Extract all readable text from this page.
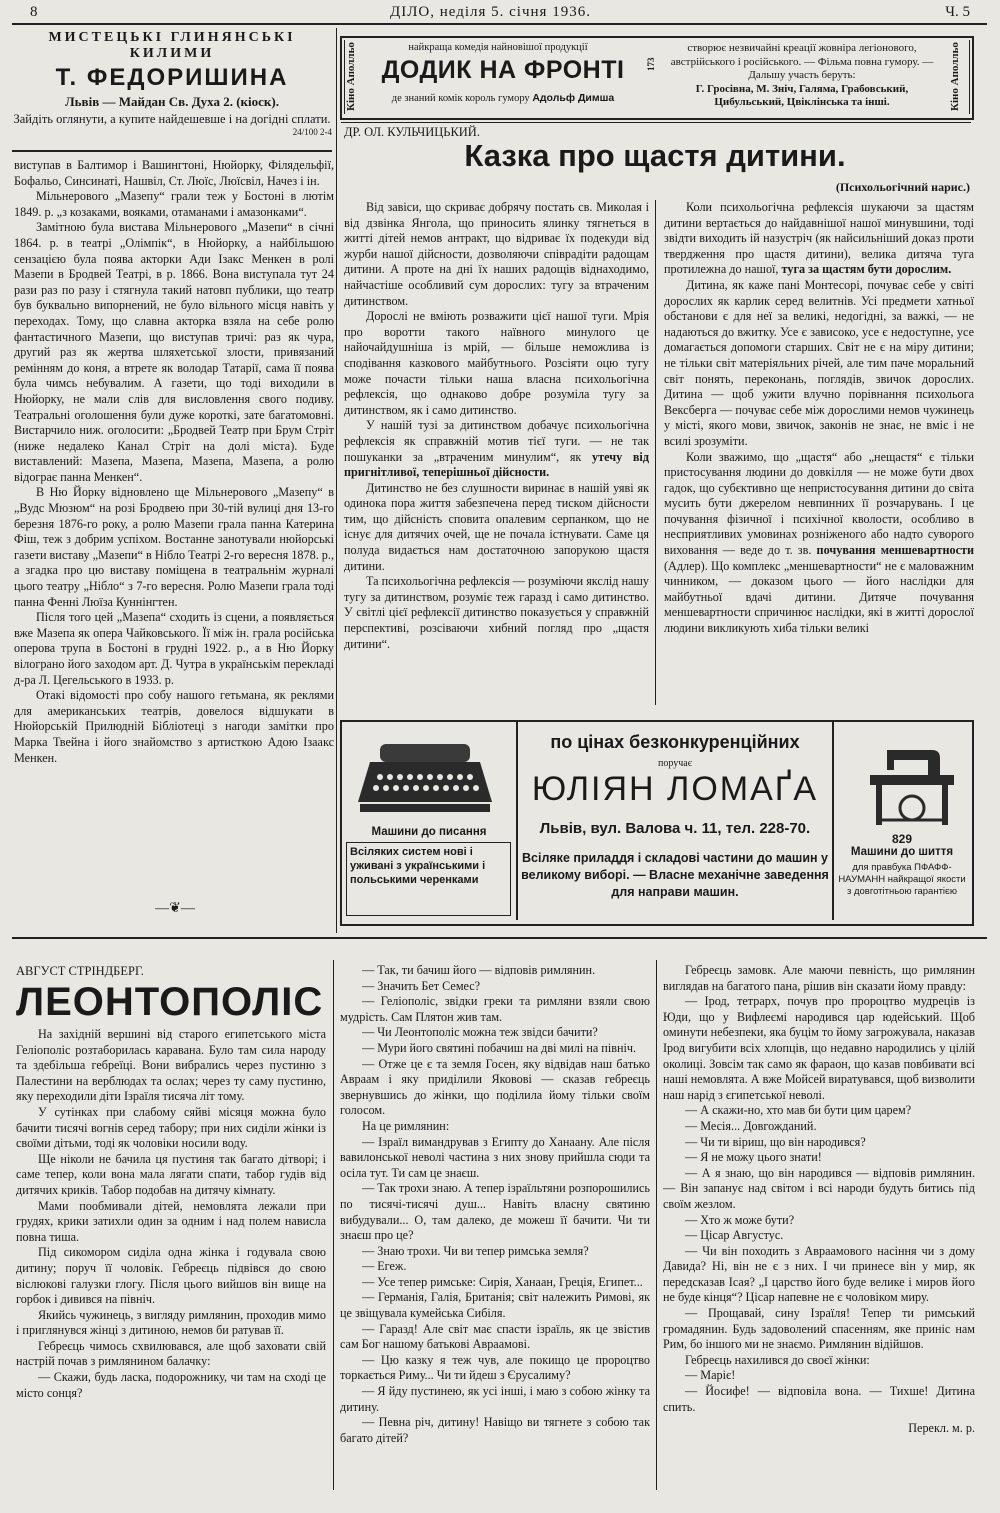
8	ДІЛО, неділя 5. січня 1936.	Ч. 5
МИСТЕЦЬКІ ГЛИНЯНСЬКІ КИЛИМИ
Т. ФЕДОРИШИНА
Львів — Майдан Св. Духа 2. (кіоск).
Зайдіть оглянути, а купите найдешевше і на догідні сплати.
24/100 2-4
Кіно Аполльо	найкраща комедія найновішої продукції
ДОДИК НА ФРОНТІ
де знаний комік король гумору Адольф Димша
173
створює незвичайні креації жовніра легіонового, австрійського і російського. — Фільма повна гумору. — Дальшу участь беруть:
Г. Гросівна, М. Зніч, Галяма, Грабовський, Цибульський, Цвіклінська та інші.	Кіно Аполльо

виступав в Балтимор і Вашингтоні, Нюйорку, Філядельфії, Бофальо, Синсинаті, Нашвіл, Ст. Люїс, Люїсвіл, Начез і ін.

Мільнерового „Мазепу“ грали теж у Бостоні в лютім 1849. р. „з козаками, вояками, отаманами і амазонками“.

Замітною була вистава Мільнерового „Мазепи“ в січні 1864. р. в театрі „Олімпік“, в Нюйорку, а найбільшою сензацією була поява акторки Ади Ізакс Менкен в ролі Мазепи в Бродвей Театрі, в р. 1866. Вона виступала тут 24 рази раз по разу і стягнула такий натовп публики, що театр був буквально випорнений, не було вільного місця навіть у переходах. Тому, що славна акторка взяла на себе ролю фантастичного Мазепи, що виступав тричі: раз як чура, другий раз як жертва шляхетської злости, привязаний ремінням до коня, а втрете як володар Татарії, сама її поява була чимсь небувалим. А газети, що тоді виходили в Нюйорку, не мали слів для висловлення свого подиву. Театральні оголошення були дуже короткі, зате багатомовні. Вистарчило ниж. оголосити: „Бродвей Театр при Брум Стріт (ниже недалеко Канал Стріт на долі міста). Буде виставлений: Мазепа, Мазепа, Мазепа, Мазепа, а ролю відограє панна Менкен“.

В Ню Йорку відновлено ще Мільнерового „Мазепу“ в „Вудс Мюзюм“ на розі Бродвею при 30-тій вулиці дня 13-го березня 1876-го року, а ролю Мазепи грала панна Катерина Фіш, теж з добрим успіхом. Востанне занотували нюйорські газети виставу „Мазепи“ в Ніблo Театрі 2-го вересня 1878. р., а згадка про цю виставу поміщена в театральнім журналі цього театру „Нібло“ з 7-го вересня. Ролю Мазепи грала тоді панна Фенні Люїза Куннінгтен.

Після того цей „Мазепа“ сходить із сцени, а появляється вже Мазепа як опера Чайковського. Її між ін. грала російська оперова трупа в Бостоні в грудні 1922. р., а в Ню Йорку вілограно його заходом арт. Д. Чутра в українськім перекладі д-ра Л. Цегельського в 1933. р.

Отакі відомості про собу нашого гетьмана, як реклями для американських театрів, довелося відшукати в Нюйорській Прилюдній Бібліотеці з нагоди замітки про Марка Твейна і його знайомство з артисткою Адою Ізаакс Менкен.

—❦—
ДР. ОЛ. КУЛЬЧИЦЬКИЙ.
Казка про щастя дитини.
(Психольогічний нарис.)

Від завіси, що скриває добрячу постать св. Миколая і від дзвінка Янгола, що приносить ялинку тягнеться в житті дітей немов антракт, що відриває їх подекуди від журби нашої дійсности, дозволяючи співрадіти радощам дитини. А проте на дні їх наших радощів віднаходимо, найчастіше особливий сум дорослих: тугу за втраченим дитинством.

Дорослі не вміють розважити цієї нашої туги. Мрія про воротти такого наївного минулого це найочайдушніша із мрій, — більше неможлива із сподівання казкового майбутнього. Розсіяти оцю тугу може почасти тільки наша власна психольогічна рефлексія, що однаково добре розуміла тугу за дитинством, як і само дитинство.

У нашій тузі за дитинством добачує психольогічна рефлексія як справжній мотив тієї туги. — не так пошуканки за „втраченим минулим“, як утечу від пригнітливої, теперішньої дійсности.

Дитинство не без слушности виринає в нашій уяві як одинока пора життя забезпечена перед тиском дійсности тим, що дійсність сповита опалевим серпанком, що не існує для дитячих очей, ще не почала істнувати. Саме ця полуда видається нам достаточною запорукою щастя дитини.

Та психольогічна рефлексія — розуміючи якслід нашу тугу за дитинством, розуміє теж гаразд і само дитинство. У світлі цієї рефлексії дитинство показується у справжній перспективі, розсіваючи хибний погляд про „щастя дитини“.

Коли психольогічна рефлексія шукаючи за щастям дитини вертається до найдавнішої нашої минувшини, тоді звідти виходить ій назустріч (як найсильніший доказ проти твердження про щастя дитини), велика дитяча туга протилежна до нашої, туга за щастям бути дорослим.

Дитина, як каже пані Монтесорі, почуває себе у світі дорослих як карлик серед велитнів. Усі предмети хатньої обстанови є для неї за великі, недогідні, за важкі, — не надаються до вжитку. Усе є зависоко, усе є недоступне, усе домагається допомоги старших. Світ не є на міру дитини; не тільки світ матеріяльних річей, але тим паче моральний світ понять, переконань, поглядів, звичок дорослих. Дитина — щоб ужити влучно порівнання психольога Вексберга — почуває себе між дорослими немов чужинець у місті, якого мови, звичок, законів не знає, не вміє і не всилі зрозуміти.

Коли зважимо, що „щастя“ або „нещастя“ є тільки пристосування людини до довкілля — не може бути двох гадок, що субєктивно ще непристосування дитини до світа мусить бути джерелом невпинних її розчарувань. І це почування фізичної і психічної кволости, особливо в несприятливих умовинах розніженого або надто суворого виховання — веде до т. зв. почування меншевартности (Адлер). Що комплекс „меншевартности“ не є маловажним чинником, — доказом цього — його наслідки для майбутньої вдачі дитини. Дитяче почування меншевартности спричинює наслідки, які в житті дорослої людини викликують хиба тільки великі

Машини до писання
Всіляких систем нові і уживані з українськими і польськими черенками
по цінах безконкуренційних
поручає
ЮЛІЯН ЛОМАҐА
Львів, вул. Валова ч. 11, тел. 228-70.
Всіляке приладдя і складові частини до машин у великому виборі. — Власне механічне заведення для направи машин.
829
Машини до шиття
для правбука ПФАФФ-НАУМАНН найкращої якости з довготітньою гарантією
АВГУСТ СТРІНДБЕРГ.
ЛЕОНТОПОЛІС

На західній вершині від старого египетського міста Геліополіс розтаборилась каравана. Було там сила народу та здебільша гебреїці. Вони вибрались через пустиню з Палестини на верблюдах та ослах; через ту саму пустиню, яку переходили діти Ізраїля тисяча літ тому.

У сутінках при слабому сяйві місяця можна було бачити тисячі вогнів серед табору; при них сиділи жінки із своїми дітьми, тоді як чоловіки носили воду.

Ще ніколи не бачила ця пустиня так багато дітворі; і саме тепер, коли вона мала лягати спати, табор гудів від дитячих криків. Табор подобав на дитячу кімнату.

Мами пообмивали дітей, немовлята лежали при грудях, крики затихли один за одним і над полем нависла повна тиша.

Під сикомором сиділа одна жінка і годувала свою дитину; поруч її чоловік. Гебреєць підвівся до свою віслюкові галузки глогу. Після цього вийшов він вище на горбок і дивився на північ.

Якийсь чужинець, з вигляду римлянин, проходив мимо і приглянувся жінці з дитиною, немов би ратував її.

Гебреєць чимось схвилювався, але щоб заховати свій настрій почав з римлянином балачку:

— Скажи, будь ласка, подорожнику, чи там на сході це місто сонця?

— Так, ти бачиш його — відповів римлянин.

— Значить Бет Семес?

— Геліополіс, звідки греки та римляни взяли свою мудрість. Сам Плятон жив там.

— Чи Леонтополіс можна теж звідси бачити?

— Мури його святині побачиш на дві милі на північ.

— Отже це є та земля Госен, яку відвідав наш батько Авраам і яку приділили Яковові — сказав гебреєць звернувшись до жінки, що поділила йому тільки своїм голосом.

На це римлянин:

— Ізраїл вимандрував з Египту до Ханаану. Але після вавилонської неволі частина з них знову прийшла сюди та осіла тут. Ти сам це знаєш.

— Так трохи знаю. А тепер ізраїльтяни розпорошились по тисячі-тисячі душ... Навіть власну святиню вибудували... О, там далеко, де можеш її бачити. Чи ти знаєш про це?

— Знаю трохи. Чи ви тепер римська земля?

— Егеж.

— Усе тепер римське: Сирія, Ханаан, Греція, Египет...

— Германія, Галія, Британія; світ належить Римові, як це звіщувала кумейська Сибіля.

— Гаразд! Але світ має спасти ізраїль, як це звістив сам Бог нашому батькові Авраамові.

— Цю казку я теж чув, але покищо це пророцтво торкається Риму... Чи ти йдеш з Єрусалиму?

— Я йду пустинею, як усі інші, і маю з собою жінку та дитину.

— Певна річ, дитину! Навіщо ви тягнете з собою так багато дітей?

Гебреєць замовк. Але маючи певність, що римлянин виглядав на багатого пана, рішив він сказати йому правду:

— Ірод, тетрарх, почув про пророцтво мудреців із Юди, що у Вифлеємі народився цар юдейський. Щоб оминути небезпеки, яка буцім то йому загрожувала, наказав Ірод вигубити всіх хлопців, що недавно народились у цілій околиці. Зовсім так само як фараон, що казав повбивати всі наші немовлята. А вже Мойсей виратувався, щоб визволити наш нарід з єгипетської неволі.

— А скажи-но, хто мав би бути цим царем?

— Месія... Довгожданий.

— Чи ти віриш, що він народився?

— Я не можу цього знати!

— А я знаю, що він народився — відповів римлянин. — Він запанує над світом і всі народи будуть битись під своїм жезлом.

— Хто ж може бути?

— Цісар Августус.

— Чи він походить з Авраамового насіння чи з дому Давида? Ні, він не є з них. І чи принесе він у мир, як передсказав Ісая? „І царство його буде велике і миров його не буде кінця“? Цісар напевне не є чоловіком миру.

— Прощавай, сину Ізраїля! Тепер ти римський громадянин. Будь задоволений спасенням, яке приніс нам Рим, бо іншого ми не знаємо. Римлянин відійшов.

Гебреєць нахилився до своєї жінки:

— Маріє!

— Йосифе! — відповіла вона. — Тихше! Дитина спить.

Перекл. м. р.
